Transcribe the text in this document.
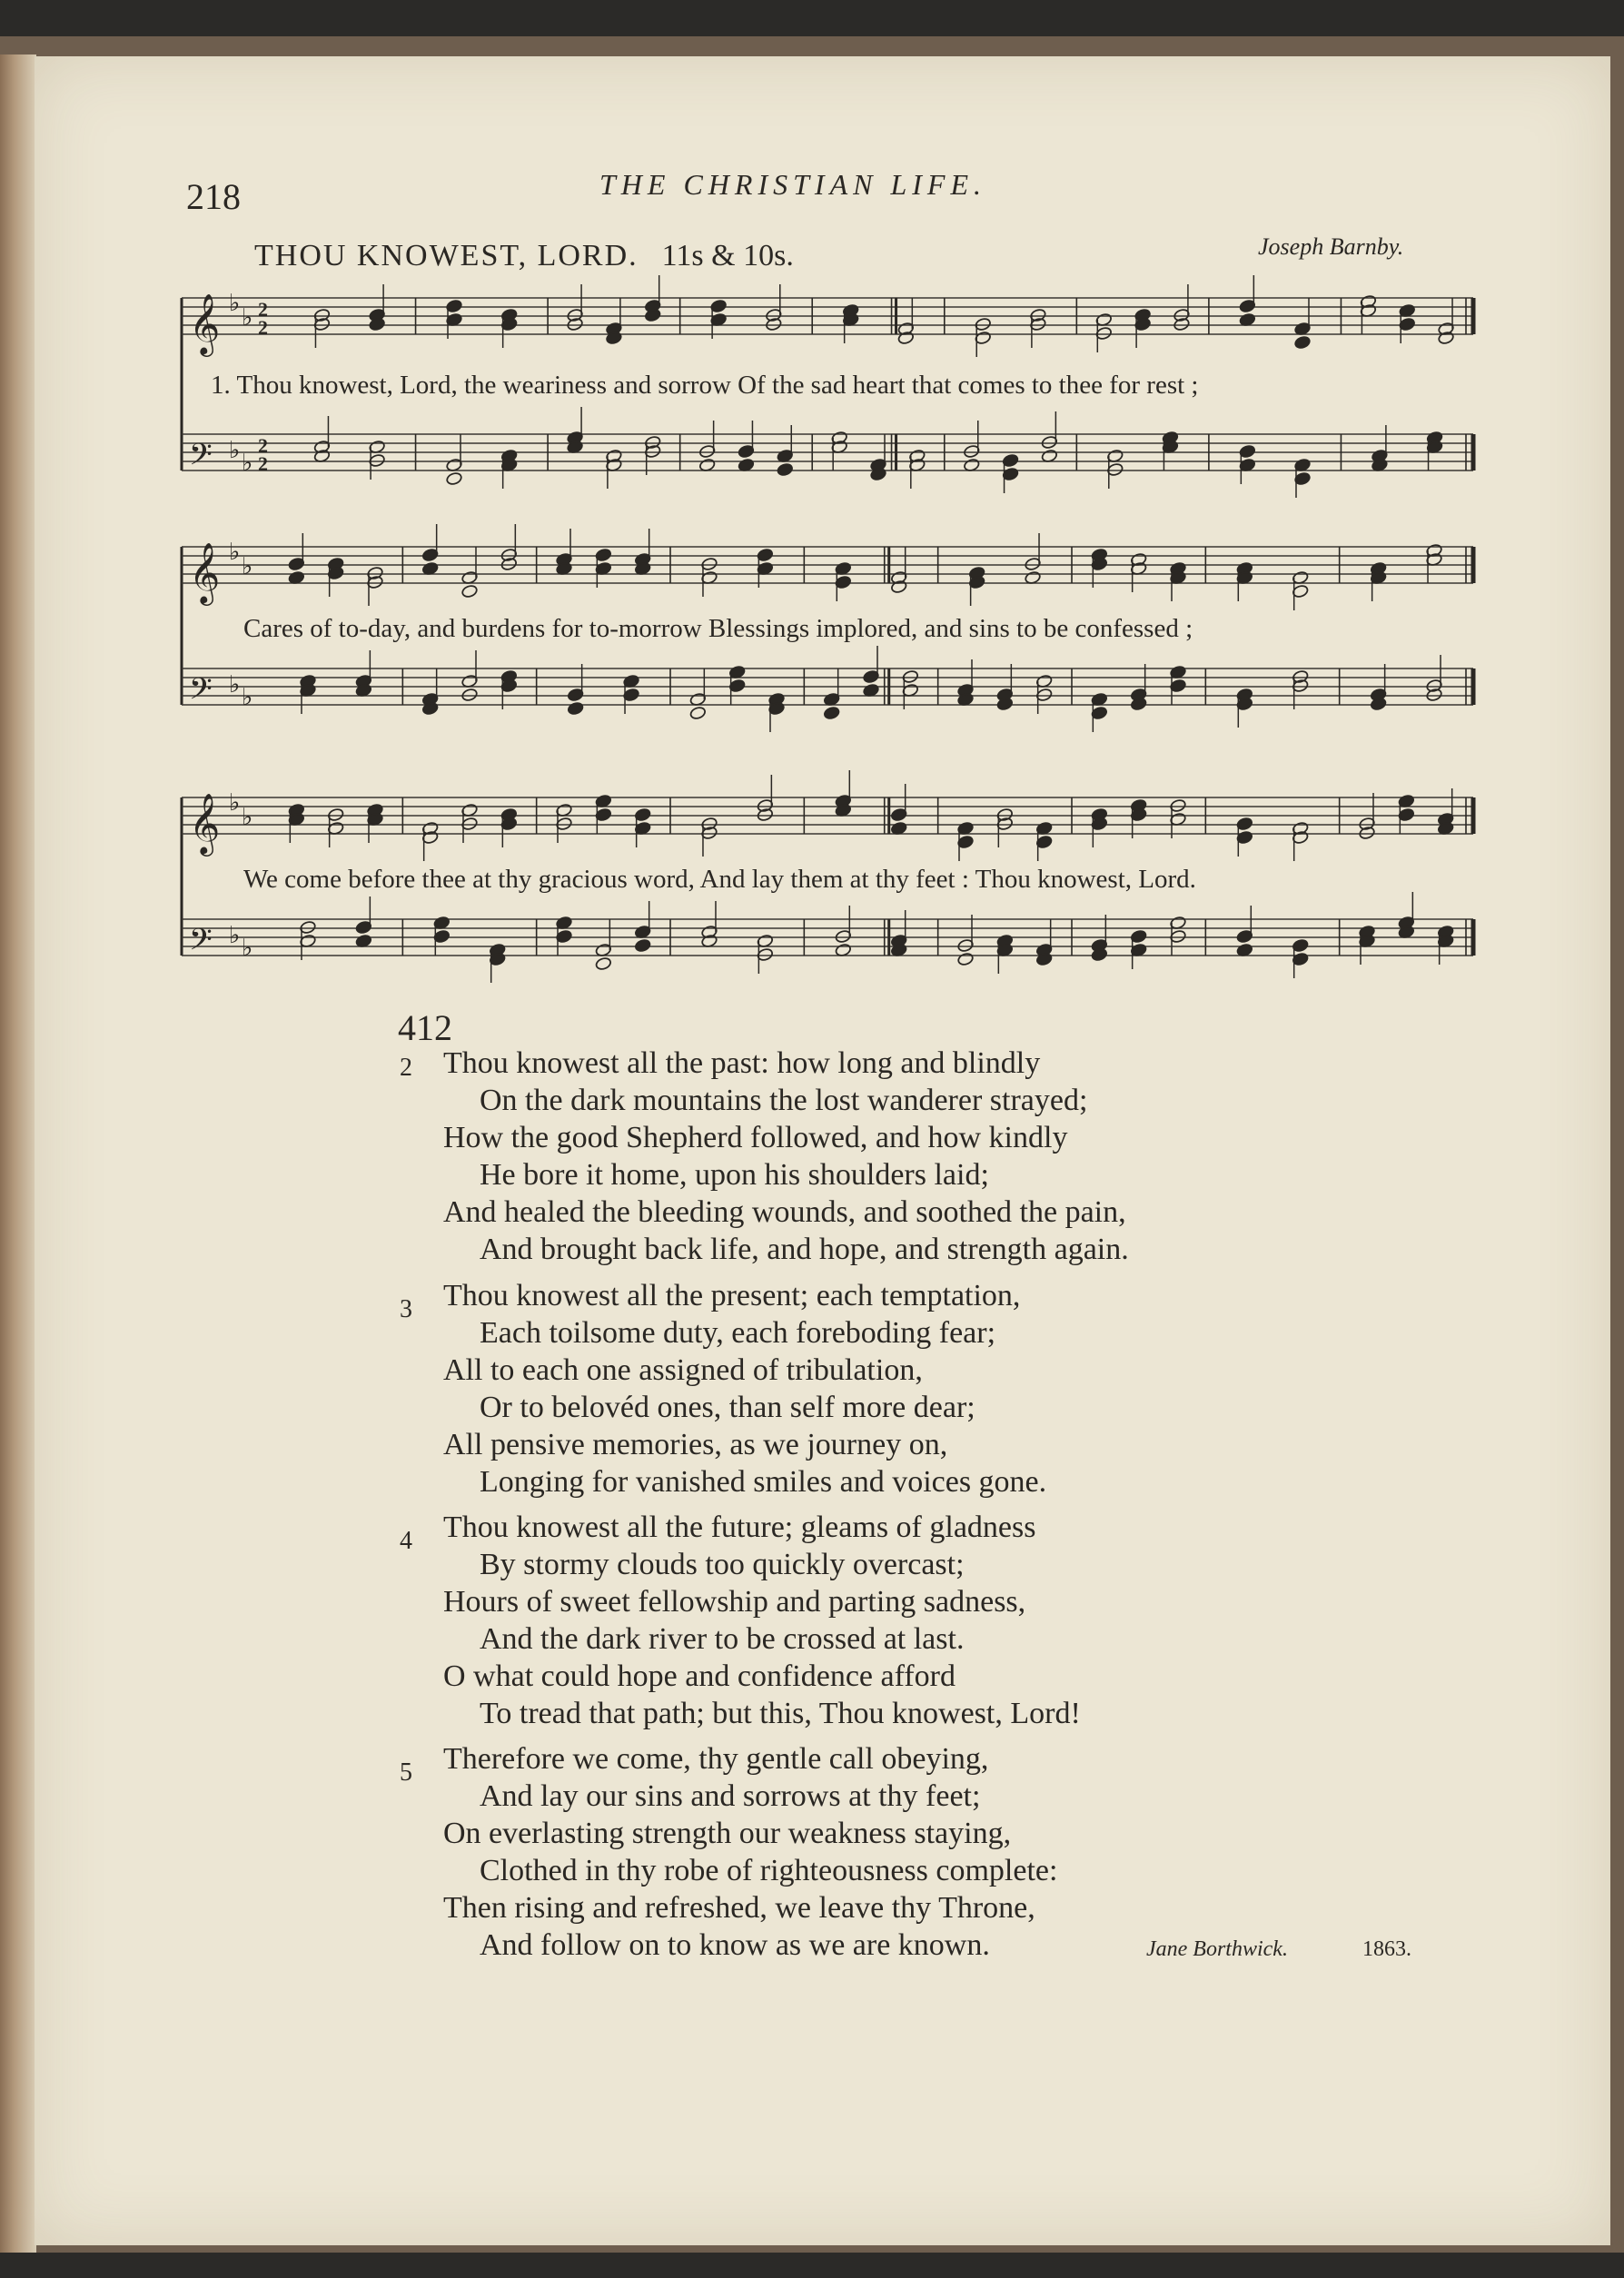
218	THE CHRISTIAN LIFE.
THOU KNOWEST, LORD. 11s & 10s.	Joseph Barnby.
𝄞 ♭
♭ 2
2
𝄢 ♭ ♭
2
2
1. Thou knowest, Lord, the weariness and sorrow Of the sad heart that comes to thee for rest ;
𝄞 ♭
♭
𝄢 ♭ ♭
Cares of to-day, and burdens for to-morrow Blessings implored, and sins to be confessed ;
𝄞 ♭
♭
𝄢 ♭ ♭
We come before thee at thy gracious word, And lay them at thy feet : Thou knowest, Lord.
412
2 Thou knowest all the past: how long and blindly
On the dark mountains the lost wanderer strayed;
How the good Shepherd followed, and how kindly
He bore it home, upon his shoulders laid;
And healed the bleeding wounds, and soothed the pain,
And brought back life, and hope, and strength again.
3 Thou knowest all the present; each temptation,
Each toilsome duty, each foreboding fear;
All to each one assigned of tribulation,
Or to belovéd ones, than self more dear;
All pensive memories, as we journey on,
Longing for vanished smiles and voices gone.
4 Thou knowest all the future; gleams of gladness
By stormy clouds too quickly overcast;
Hours of sweet fellowship and parting sadness,
And the dark river to be crossed at last.
O what could hope and confidence afford
To tread that path; but this, Thou knowest, Lord!
5 Therefore we come, thy gentle call obeying,
And lay our sins and sorrows at thy feet;
On everlasting strength our weakness staying,
Clothed in thy robe of righteousness complete:
Then rising and refreshed, we leave thy Throne,
And follow on to know as we are known.	Jane Borthwick.	1863.
